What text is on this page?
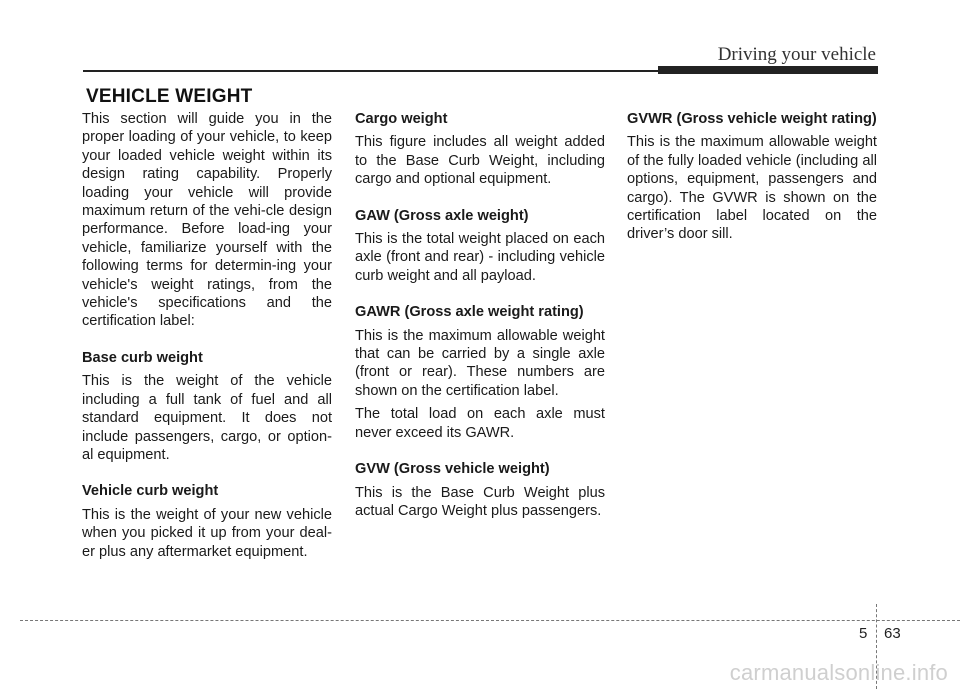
Driving your vehicle
VEHICLE WEIGHT

This section will guide you in the proper loading of your vehicle, to keep your loaded vehicle weight within its design rating capability. Properly loading your vehicle will provide maximum return of the vehi-cle design performance. Before load-ing your vehicle, familiarize yourself with the following terms for determin-ing your vehicle's weight ratings, from the vehicle's specifications and the certification label:

Base curb weight

This is the weight of the vehicle including a full tank of fuel and all standard equipment. It does not include passengers, cargo, or option-al equipment.

Vehicle curb weight

This is the weight of your new vehicle when you picked it up from your deal-er plus any aftermarket equipment.

Cargo weight

This figure includes all weight added to the Base Curb Weight, including cargo and optional equipment.

GAW (Gross axle weight)

This is the total weight placed on each axle (front and rear) - including vehicle curb weight and all payload.

GAWR (Gross axle weight rating)

This is the maximum allowable weight that can be carried by a single axle (front or rear). These numbers are shown on the certification label.

The total load on each axle must never exceed its GAWR.

GVW (Gross vehicle weight)

This is the Base Curb Weight plus actual Cargo Weight plus passengers.

GVWR (Gross vehicle weight rating)

This is the maximum allowable weight of the fully loaded vehicle (including all options, equipment, passengers and cargo). The GVWR is shown on the certification label located on the driver’s door sill.

5 63
carmanualsonline.info
